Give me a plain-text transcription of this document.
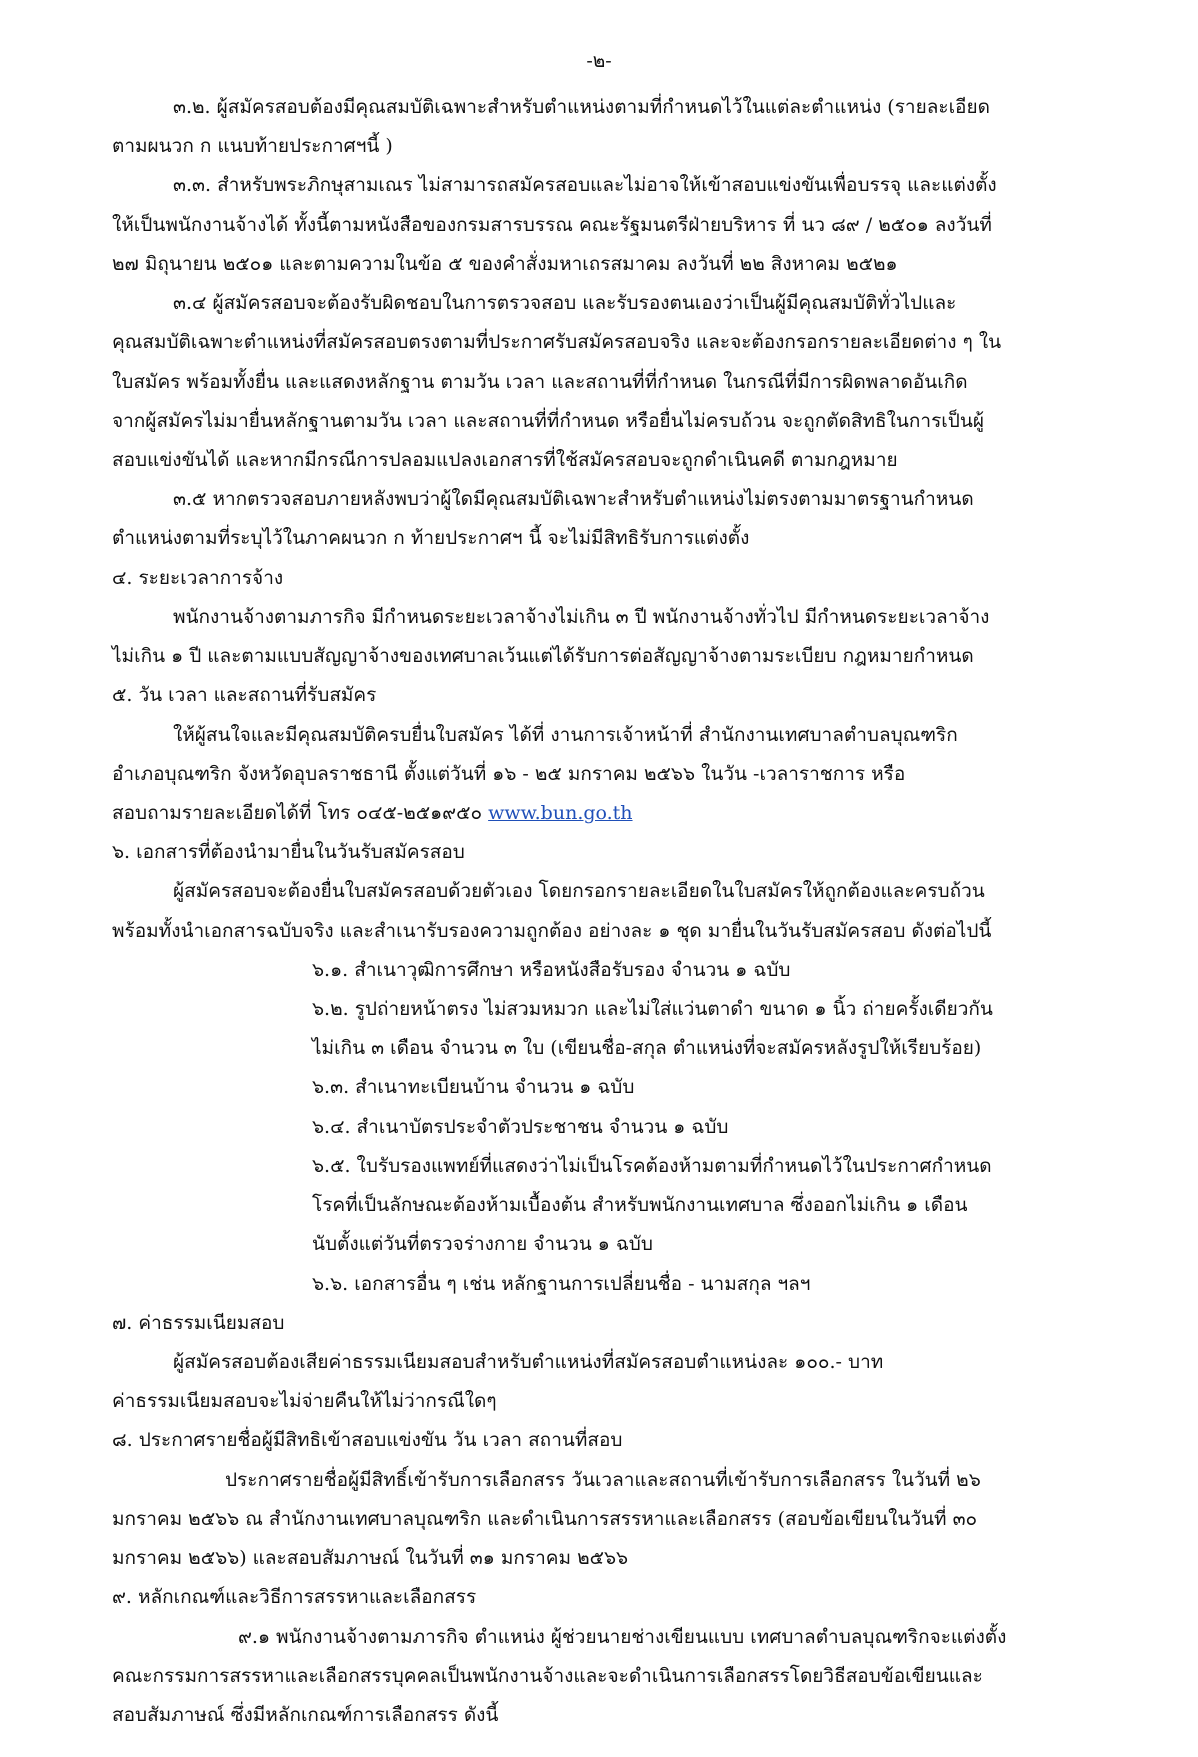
-๒-
๓.๒. ผู้สมัครสอบต้องมีคุณสมบัติเฉพาะสำหรับตำแหน่งตามที่กำหนดไว้ในแต่ละตำแหน่ง (รายละเอียด
ตามผนวก ก แนบท้ายประกาศฯนี้ )
๓.๓. สำหรับพระภิกษุสามเณร ไม่สามารถสมัครสอบและไม่อาจให้เข้าสอบแข่งขันเพื่อบรรจุ และแต่งตั้ง
ให้เป็นพนักงานจ้างได้ ทั้งนี้ตามหนังสือของกรมสารบรรณ คณะรัฐมนตรีฝ่ายบริหาร ที่ นว ๘๙ / ๒๕๐๑ ลงวันที่
๒๗ มิถุนายน ๒๕๐๑ และตามความในข้อ ๕ ของคำสั่งมหาเถรสมาคม ลงวันที่ ๒๒ สิงหาคม ๒๕๒๑
๓.๔ ผู้สมัครสอบจะต้องรับผิดชอบในการตรวจสอบ และรับรองตนเองว่าเป็นผู้มีคุณสมบัติทั่วไปและ
คุณสมบัติเฉพาะตำแหน่งที่สมัครสอบตรงตามที่ประกาศรับสมัครสอบจริง และจะต้องกรอกรายละเอียดต่าง ๆ ใน
ใบสมัคร พร้อมทั้งยื่น และแสดงหลักฐาน ตามวัน เวลา และสถานที่ที่กำหนด ในกรณีที่มีการผิดพลาดอันเกิด
จากผู้สมัครไม่มายื่นหลักฐานตามวัน เวลา และสถานที่ที่กำหนด หรือยื่นไม่ครบถ้วน จะถูกตัดสิทธิในการเป็นผู้
สอบแข่งขันได้ และหากมีกรณีการปลอมแปลงเอกสารที่ใช้สมัครสอบจะถูกดำเนินคดี ตามกฎหมาย
๓.๕ หากตรวจสอบภายหลังพบว่าผู้ใดมีคุณสมบัติเฉพาะสำหรับตำแหน่งไม่ตรงตามมาตรฐานกำหนด
ตำแหน่งตามที่ระบุไว้ในภาคผนวก ก ท้ายประกาศฯ นี้ จะไม่มีสิทธิรับการแต่งตั้ง
๔. ระยะเวลาการจ้าง
พนักงานจ้างตามภารกิจ มีกำหนดระยะเวลาจ้างไม่เกิน ๓ ปี พนักงานจ้างทั่วไป มีกำหนดระยะเวลาจ้าง
ไม่เกิน ๑ ปี และตามแบบสัญญาจ้างของเทศบาลเว้นแต่ได้รับการต่อสัญญาจ้างตามระเบียบ กฎหมายกำหนด
๕. วัน เวลา และสถานที่รับสมัคร
ให้ผู้สนใจและมีคุณสมบัติครบยื่นใบสมัคร ได้ที่ งานการเจ้าหน้าที่ สำนักงานเทศบาลตำบลบุณฑริก
อำเภอบุณฑริก จังหวัดอุบลราชธานี ตั้งแต่วันที่ ๑๖ - ๒๕ มกราคม ๒๕๖๖ ในวัน -เวลาราชการ หรือ
สอบถามรายละเอียดได้ที่ โทร ๐๔๕-๒๕๑๙๕๐ www.bun.go.th
๖. เอกสารที่ต้องนำมายื่นในวันรับสมัครสอบ
ผู้สมัครสอบจะต้องยื่นใบสมัครสอบด้วยตัวเอง โดยกรอกรายละเอียดในใบสมัครให้ถูกต้องและครบถ้วน
พร้อมทั้งนำเอกสารฉบับจริง และสำเนารับรองความถูกต้อง อย่างละ ๑ ชุด มายื่นในวันรับสมัครสอบ ดังต่อไปนี้
๖.๑. สำเนาวุฒิการศึกษา หรือหนังสือรับรอง จำนวน ๑ ฉบับ
๖.๒. รูปถ่ายหน้าตรง ไม่สวมหมวก และไม่ใส่แว่นตาดำ ขนาด ๑ นิ้ว ถ่ายครั้งเดียวกัน
ไม่เกิน ๓ เดือน จำนวน ๓ ใบ (เขียนชื่อ-สกุล ตำแหน่งที่จะสมัครหลังรูปให้เรียบร้อย)
๖.๓. สำเนาทะเบียนบ้าน จำนวน ๑ ฉบับ
๖.๔. สำเนาบัตรประจำตัวประชาชน จำนวน ๑ ฉบับ
๖.๕. ใบรับรองแพทย์ที่แสดงว่าไม่เป็นโรคต้องห้ามตามที่กำหนดไว้ในประกาศกำหนด
โรคที่เป็นลักษณะต้องห้ามเบื้องต้น สำหรับพนักงานเทศบาล ซึ่งออกไม่เกิน ๑ เดือน
นับตั้งแต่วันที่ตรวจร่างกาย จำนวน ๑ ฉบับ
๖.๖. เอกสารอื่น ๆ เช่น หลักฐานการเปลี่ยนชื่อ - นามสกุล ฯลฯ
๗. ค่าธรรมเนียมสอบ
ผู้สมัครสอบต้องเสียค่าธรรมเนียมสอบสำหรับตำแหน่งที่สมัครสอบตำแหน่งละ ๑๐๐.- บาท
ค่าธรรมเนียมสอบจะไม่จ่ายคืนให้ไม่ว่ากรณีใดๆ
๘. ประกาศรายชื่อผู้มีสิทธิเข้าสอบแข่งขัน วัน เวลา สถานที่สอบ
ประกาศรายชื่อผู้มีสิทธิ์เข้ารับการเลือกสรร วันเวลาและสถานที่เข้ารับการเลือกสรร ในวันที่ ๒๖
มกราคม ๒๕๖๖ ณ สำนักงานเทศบาลบุณฑริก และดำเนินการสรรหาและเลือกสรร (สอบข้อเขียนในวันที่ ๓๐
มกราคม ๒๕๖๖) และสอบสัมภาษณ์ ในวันที่ ๓๑ มกราคม ๒๕๖๖
๙. หลักเกณฑ์และวิธีการสรรหาและเลือกสรร
๙.๑ พนักงานจ้างตามภารกิจ ตำแหน่ง ผู้ช่วยนายช่างเขียนแบบ เทศบาลตำบลบุณฑริกจะแต่งตั้ง
คณะกรรมการสรรหาและเลือกสรรบุคคลเป็นพนักงานจ้างและจะดำเนินการเลือกสรรโดยวิธีสอบข้อเขียนและ
สอบสัมภาษณ์ ซึ่งมีหลักเกณฑ์การเลือกสรร ดังนี้
